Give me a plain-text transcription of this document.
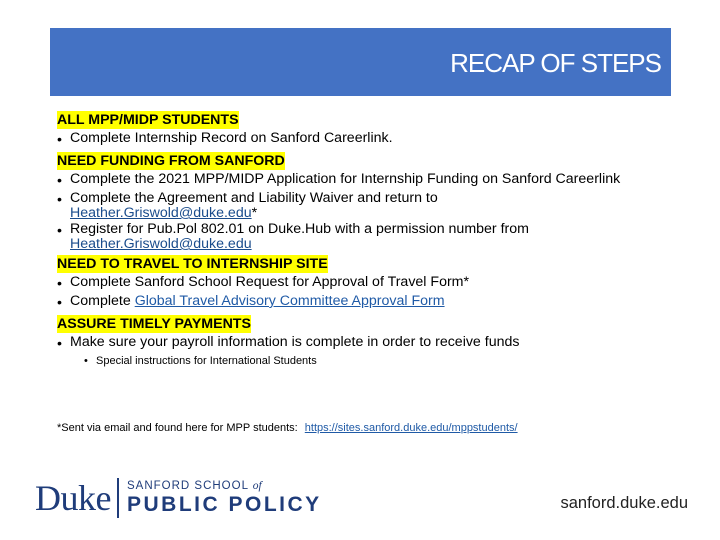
RECAP OF STEPS
ALL MPP/MIDP STUDENTS
• Complete Internship Record on Sanford Careerlink.
NEED FUNDING FROM SANFORD
• Complete the 2021 MPP/MIDP Application for Internship Funding on Sanford Careerlink
• Complete the Agreement and Liability Waiver and return to
Heather.Griswold@duke.edu*
• Register for Pub.Pol 802.01 on Duke.Hub with a permission number from
Heather.Griswold@duke.edu
NEED TO TRAVEL TO INTERNSHIP SITE
• Complete Sanford School Request for Approval of Travel Form*
• Complete Global Travel Advisory Committee Approval Form
ASSURE TIMELY PAYMENTS
• Make sure your payroll information is complete in order to receive funds
• Special instructions for International Students
*Sent via email and found here for MPP students: https://sites.sanford.duke.edu/mppstudents/
Duke SANFORD SCHOOL of
PUBLIC POLICY	sanford.duke.edu
